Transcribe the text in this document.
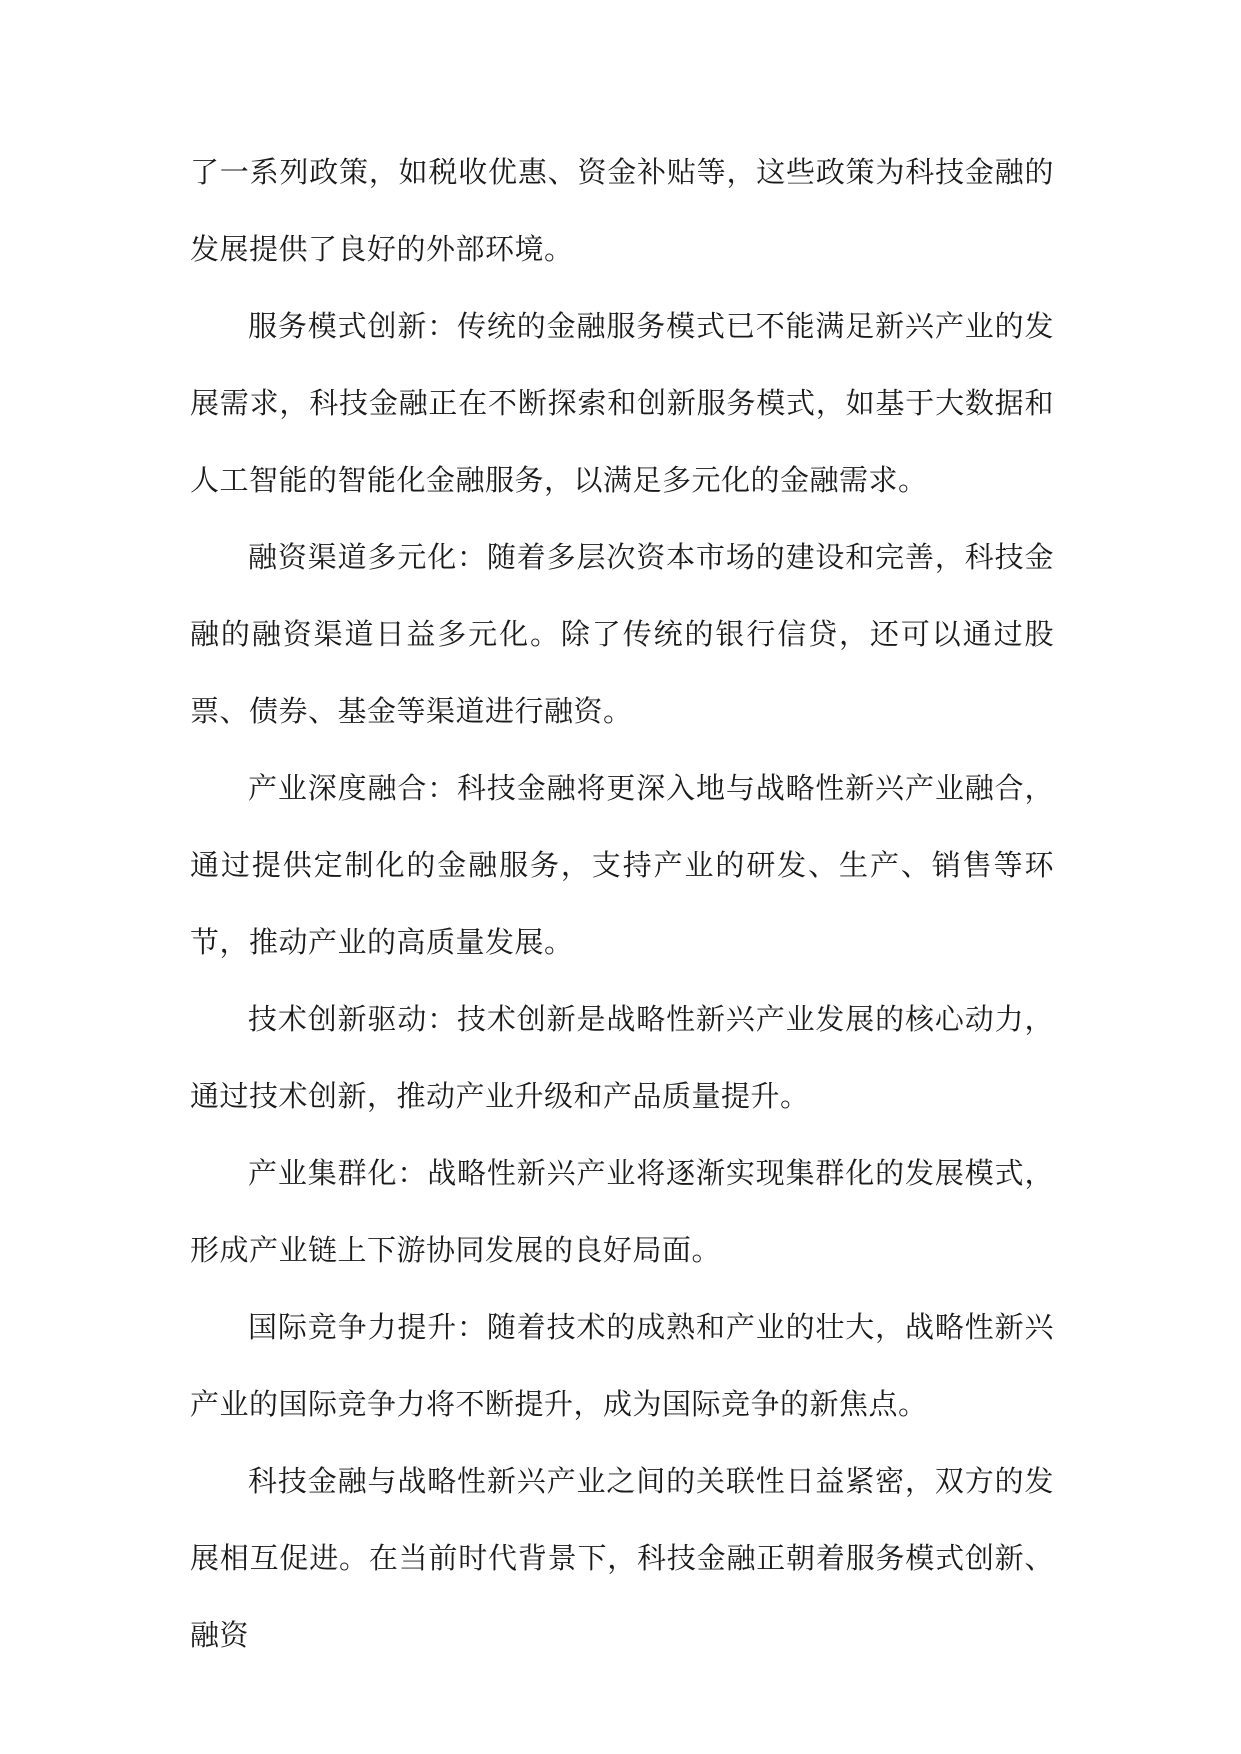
了一系列政策，如税收优惠、资金补贴等，这些政策为科技金融的发展提供了良好的外部环境。

服务模式创新：传统的金融服务模式已不能满足新兴产业的发展需求，科技金融正在不断探索和创新服务模式，如基于大数据和人工智能的智能化金融服务，以满足多元化的金融需求。

融资渠道多元化：随着多层次资本市场的建设和完善，科技金融的融资渠道日益多元化。除了传统的银行信贷，还可以通过股票、债券、基金等渠道进行融资。

产业深度融合：科技金融将更深入地与战略性新兴产业融合，通过提供定制化的金融服务，支持产业的研发、生产、销售等环节，推动产业的高质量发展。

技术创新驱动：技术创新是战略性新兴产业发展的核心动力，通过技术创新，推动产业升级和产品质量提升。

产业集群化：战略性新兴产业将逐渐实现集群化的发展模式，形成产业链上下游协同发展的良好局面。

国际竞争力提升：随着技术的成熟和产业的壮大，战略性新兴产业的国际竞争力将不断提升，成为国际竞争的新焦点。

科技金融与战略性新兴产业之间的关联性日益紧密，双方的发展相互促进。在当前时代背景下，科技金融正朝着服务模式创新、融资
